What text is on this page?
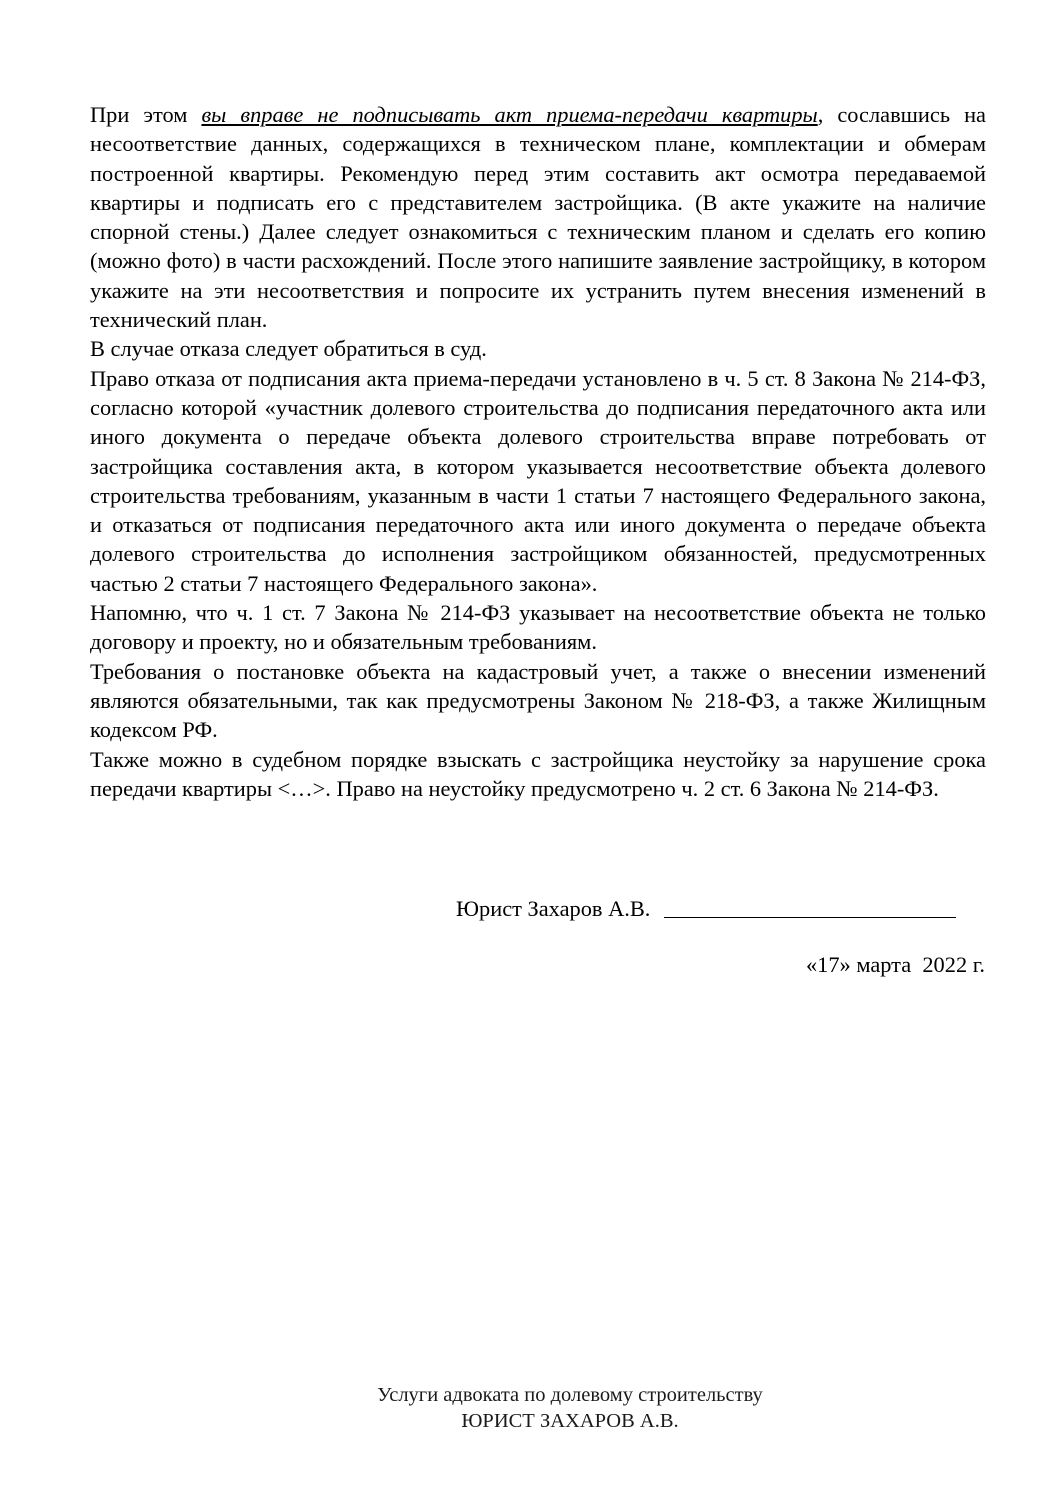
При этом вы вправе не подписывать акт приема-передачи квартиры, сославшись на несоответствие данных, содержащихся в техническом плане, комплектации и обмерам построенной квартиры. Рекомендую перед этим составить акт осмотра передаваемой квартиры и подписать его с представителем застройщика. (В акте укажите на наличие спорной стены.) Далее следует ознакомиться с техническим планом и сделать его копию (можно фото) в части расхождений. После этого напишите заявление застройщику, в котором укажите на эти несоответствия и попросите их устранить путем внесения изменений в технический план.

В случае отказа следует обратиться в суд.

Право отказа от подписания акта приема-передачи установлено в ч. 5 ст. 8 Закона № 214-ФЗ, согласно которой «участник долевого строительства до подписания передаточного акта или иного документа о передаче объекта долевого строительства вправе потребовать от застройщика составления акта, в котором указывается несоответствие объекта долевого строительства требованиям, указанным в части 1 статьи 7 настоящего Федерального закона, и отказаться от подписания передаточного акта или иного документа о передаче объекта долевого строительства до исполнения застройщиком обязанностей, предусмотренных частью 2 статьи 7 настоящего Федерального закона».

Напомню, что ч. 1 ст. 7 Закона № 214-ФЗ указывает на несоответствие объекта не только договору и проекту, но и обязательным требованиям.

Требования о постановке объекта на кадастровый учет, а также о внесении изменений являются обязательными, так как предусмотрены Законом № 218-ФЗ, а также Жилищным кодексом РФ.

Также можно в судебном порядке взыскать с застройщика неустойку за нарушение срока передачи квартиры <…>. Право на неустойку предусмотрено ч. 2 ст. 6 Закона № 214-ФЗ.

Юрист Захаров А.В.
«17» марта  2022 г.
Услуги адвоката по долевому строительству
ЮРИСТ ЗАХАРОВ А.В.
